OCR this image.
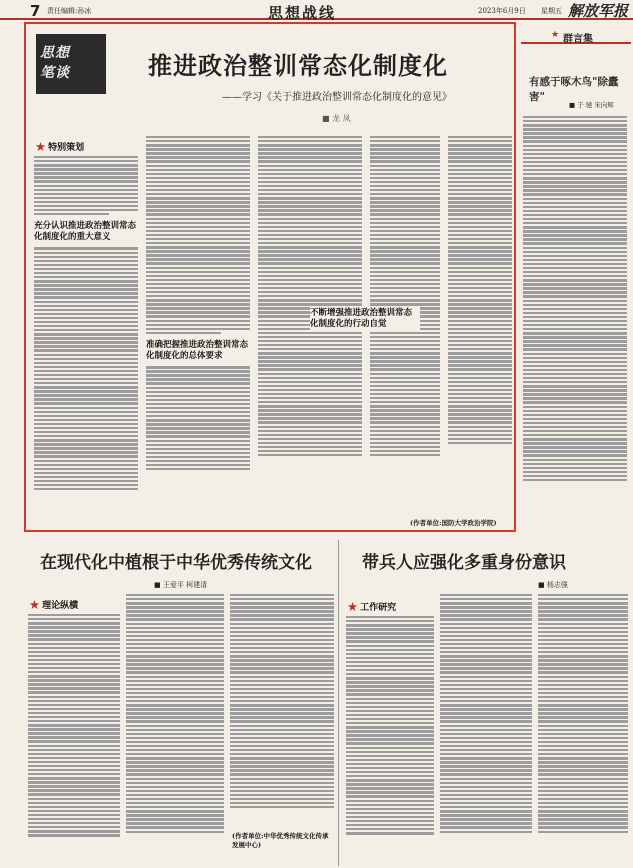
7 责任编辑:孙冰	思想战线	2023年6月9日 星期五 解放军报
思想笔谈	推进政治整训常态化制度化
——学习《关于推进政治整训常态化制度化的意见》
■ 龙 凤
★ 特别策划
充分认识推进政治整训常态化制度化的重大意义
准确把握推进政治整训常态化制度化的总体要求
不断增强推进政治整训常态化制度化的行动自觉
(作者单位:国防大学政治学院)
★ 群言集
有感于啄木鸟"除蠹害"
■ 于 驰 宋向辉
在现代化中植根于中华优秀传统文化
■ 王爱平 柯建清
★ 理论纵横
(作者单位:中华优秀传统文化传承发展中心)
带兵人应强化多重身份意识
■ 杨志强
★ 工作研究
